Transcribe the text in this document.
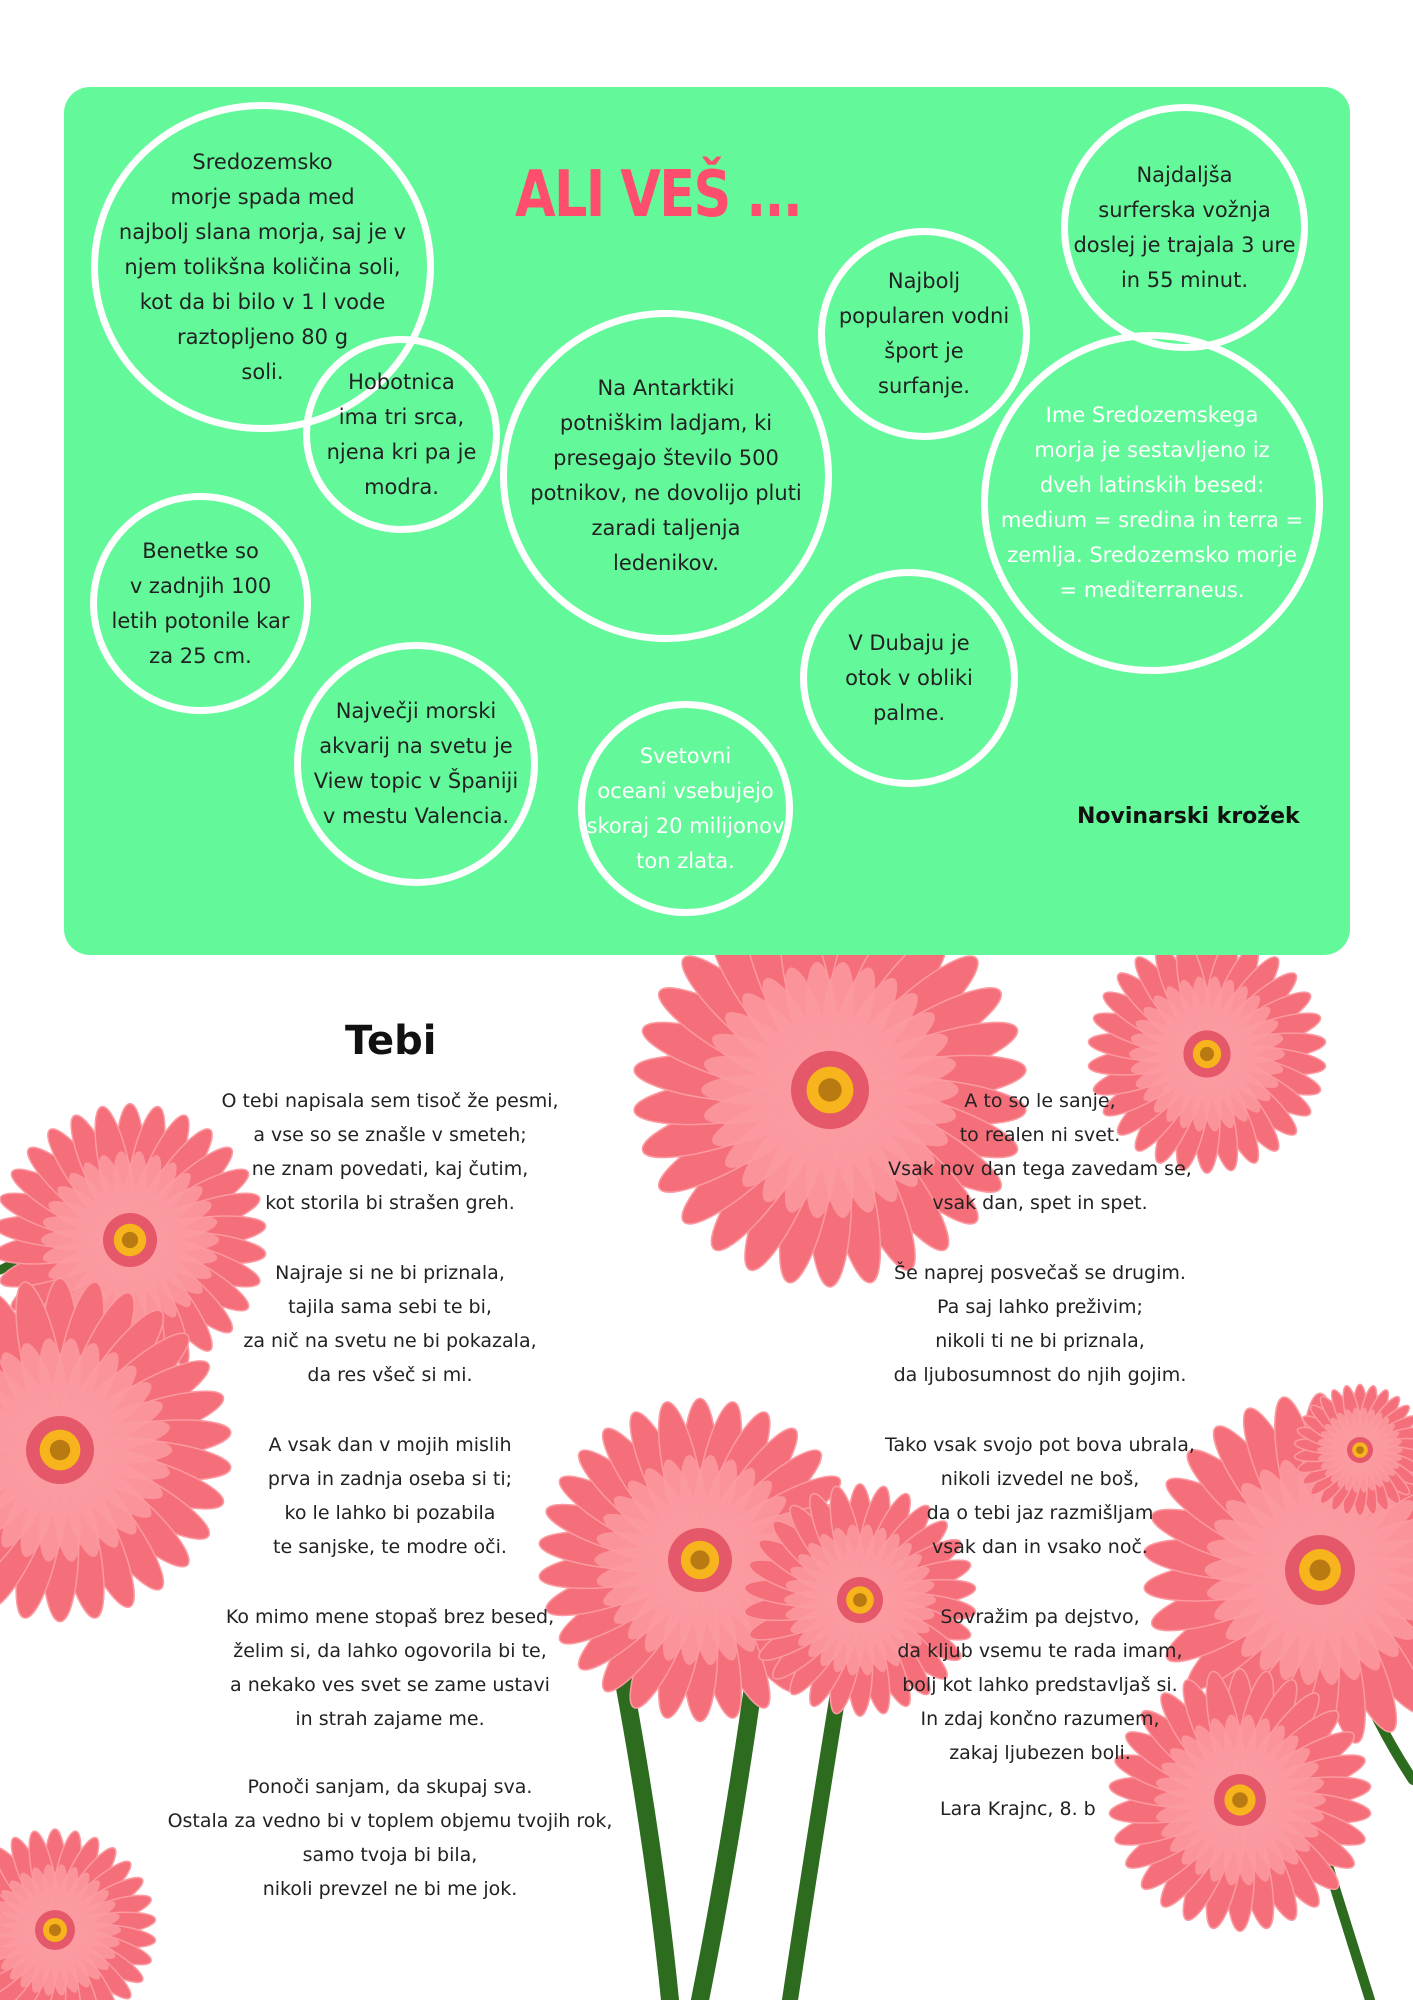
ALI VEŠ ...
Sredozemsko
morje spada med
najbolj slana morja, saj je v
njem tolikšna količina soli,
kot da bi bilo v 1 l vode
raztopljeno 80 g
soli.	Hobotnica
ima tri srca,
njena kri pa je
modra.
Na Antarktiki
potniškim ladjam, ki
presegajo število 500
potnikov, ne dovolijo pluti
zaradi taljenja
ledenikov.
Najbolj
popularen vodni
šport je
surfanje.
Najdaljša
surferska vožnja
doslej je trajala 3 ure
in 55 minut.
Ime Sredozemskega
morja je sestavljeno iz
dveh latinskih besed:
medium = sredina in terra =
zemlja. Sredozemsko morje
= mediterraneus.
Benetke so
v zadnjih 100
letih potonile kar
za 25 cm.
Največji morski
akvarij na svetu je
View topic v Španiji
v mestu Valencia.
Svetovni
oceani vsebujejo
skoraj 20 milijonov
ton zlata.
V Dubaju je
otok v obliki
palme.
Novinarski krožek
Tebi
O tebi napisala sem tisoč že pesmi,
a vse so se znašle v smeteh;
ne znam povedati, kaj čutim,
kot storila bi strašen greh.
Najraje si ne bi priznala,
tajila sama sebi te bi,
za nič na svetu ne bi pokazala,
da res všeč si mi.
A vsak dan v mojih mislih
prva in zadnja oseba si ti;
ko le lahko bi pozabila
te sanjske, te modre oči.
Ko mimo mene stopaš brez besed,
želim si, da lahko ogovorila bi te,
a nekako ves svet se zame ustavi
in strah zajame me.
Ponoči sanjam, da skupaj sva.
Ostala za vedno bi v toplem objemu tvojih rok,
samo tvoja bi bila,
nikoli prevzel ne bi me jok.
A to so le sanje,
to realen ni svet.
Vsak nov dan tega zavedam se,
vsak dan, spet in spet.
Še naprej posvečaš se drugim.
Pa saj lahko preživim;
nikoli ti ne bi priznala,
da ljubosumnost do njih gojim.
Tako vsak svojo pot bova ubrala,
nikoli izvedel ne boš,
da o tebi jaz razmišljam
vsak dan in vsako noč.
Sovražim pa dejstvo,
da kljub vsemu te rada imam,
bolj kot lahko predstavljaš si.
In zdaj končno razumem,
zakaj ljubezen boli.
Lara Krajnc, 8. b
